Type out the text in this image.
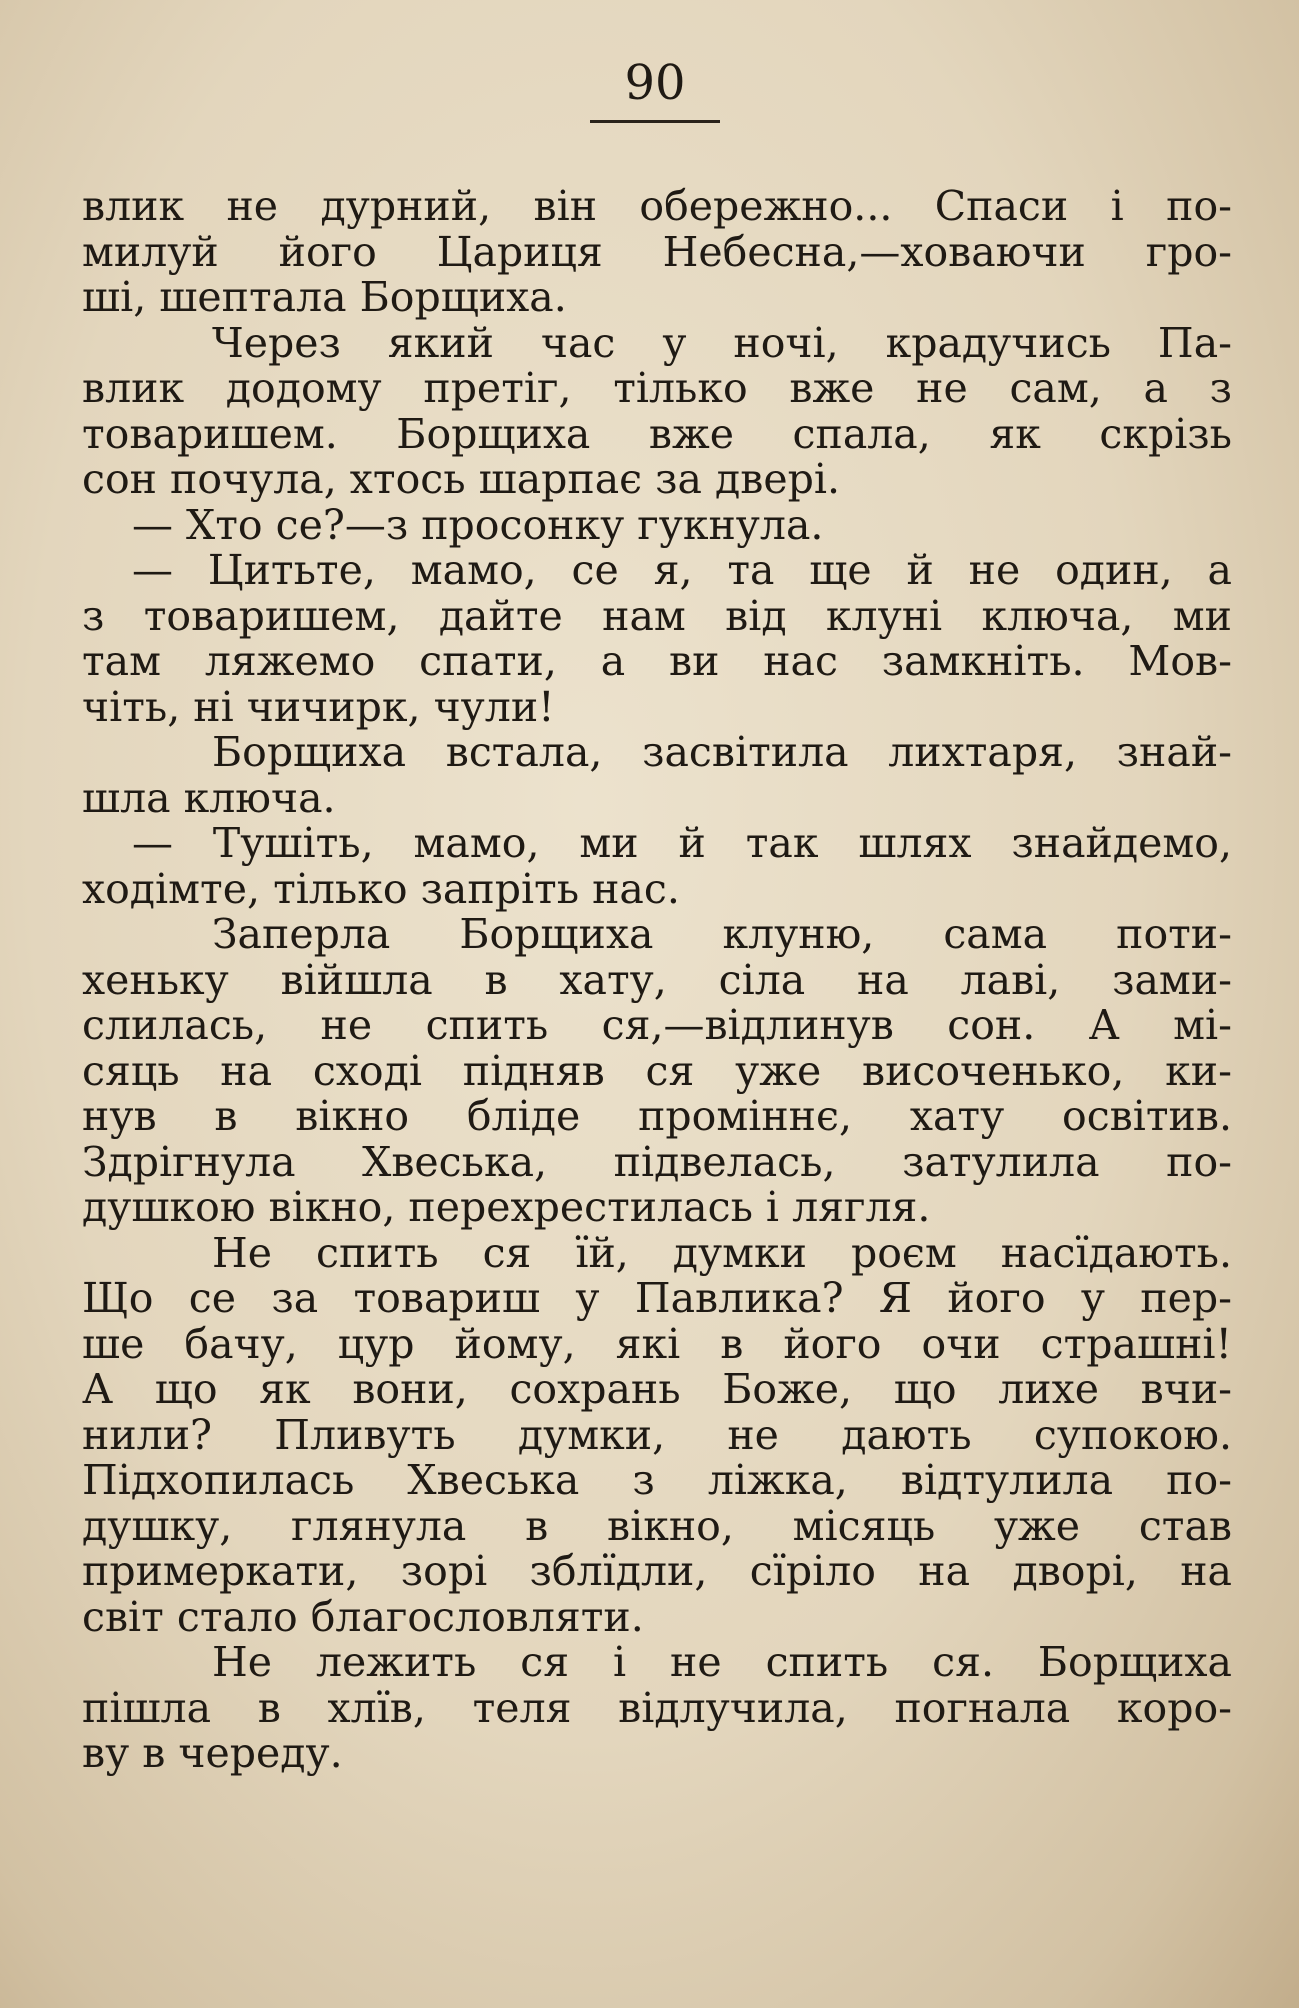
90
влик не дурний, він обережно... Спаси і по-
милуй його Цариця Небесна,—ховаючи гро-
ші, шептала Борщиха.
Через який час у ночі, крадучись Па-
влик додому претіг, тілько вже не сам, а з
товаришем. Борщиха вже спала, як скрізь
сон почула, хтось шарпає за двері.
— Хто се?—з просонку гукнула.
— Цитьте, мамо, се я, та ще й не один, а
з товаришем, дайте нам від клуні ключа, ми
там ляжемо спати, а ви нас замкніть. Мов-
чіть, ні чичирк, чули!
Борщиха встала, засвітила лихтаря, знай-
шла ключа.
— Тушіть, мамо, ми й так шлях знайдемо,
ходімте, тілько запріть нас.
Заперла Борщиха клуню, сама поти-
хеньку війшла в хату, сіла на лаві, зами-
слилась, не спить ся,—відлинув сон. А мі-
сяць на сході підняв ся уже височенько, ки-
нув в вікно бліде проміннє, хату освітив.
Здрігнула Хвеська, підвелась, затулила по-
душкою вікно, перехрестилась і лягля.
Не спить ся їй, думки роєм насїдають.
Що се за товариш у Павлика? Я його у пер-
ше бачу, цур йому, які в його очи страшні!
А що як вони, сохрань Боже, що лихе вчи-
нили? Пливуть думки, не дають супокою.
Підхопилась Хвеська з ліжка, відтулила по-
душку, глянула в вікно, місяць уже став
примеркати, зорі зблїдли, сїріло на дворі, на
світ стало благословляти.
Не лежить ся і не спить ся. Борщиха
пішла в хлїв, теля відлучила, погнала коро-
ву в череду.
